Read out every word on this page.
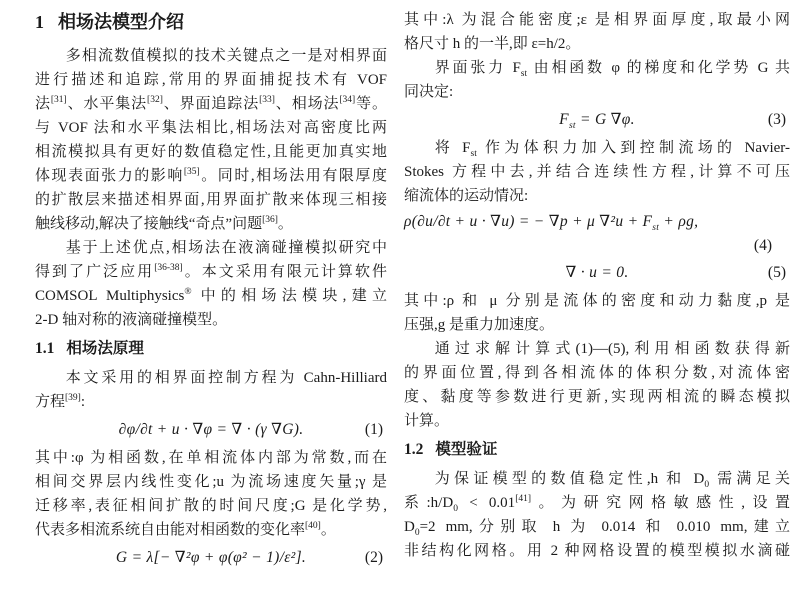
1 相场法模型介绍
多相流数值模拟的技术关键点之一是对相界面
进行描述和追踪,常用的界面捕捉技术有 VOF
法[31]、水平集法[32]、界面追踪法[33]、相场法[34]等。
与 VOF 法和水平集法相比,相场法对高密度比两
相流模拟具有更好的数值稳定性,且能更加真实地
体现表面张力的影响[35]。同时,相场法用有限厚度
的扩散层来描述相界面,用界面扩散来体现三相接
触线移动,解决了接触线“奇点”问题[36]。
基于上述优点,相场法在液滴碰撞模拟研究中
得到了广泛应用[36-38]。本文采用有限元计算软件
COMSOL Multiphysics® 中的相场法模块,建立
2-D 轴对称的液滴碰撞模型。
1.1 相场法原理
本文采用的相界面控制方程为 Cahn-Hilliard
方程[39]:
∂φ/∂t + u · ∇φ = ∇ · (γ ∇G).	(1)
其中:φ 为相函数,在单相流体内部为常数,而在
相间交界层内线性变化;u 为流场速度矢量;γ 是
迁移率,表征相间扩散的时间尺度;G 是化学势,
代表多相流系统自由能对相函数的变化率[40]。
G = λ[− ∇²φ + φ(φ² − 1)/ε²].	(2)
其中:λ 为混合能密度;ε 是相界面厚度,取最小网
格尺寸 h 的一半,即 ε=h/2。
界面张力 $F_{st}$ 由相函数 φ 的梯度和化学势 G 共
同决定:
$F_{st} = G$ ∇φ.	(3)
将 $F_{st}$ 作为体积力加入到控制流场的 Navier-
Stokes 方程中去,并结合连续性方程,计算不可压
缩流体的运动情况:
ρ(∂u/∂t + u · ∇u) = − ∇p + μ $\nabla^2u + F_{st} + \rho g$,
(4)
∇ · u = 0.	(5)
其中:ρ 和 μ 分别是流体的密度和动力黏度,p 是
压强,g 是重力加速度。
通过求解计算式(1)—(5),利用相函数获得新
的界面位置,得到各相流体的体积分数,对流体密
度、黏度等参数进行更新,实现两相流的瞬态模拟
计算。
1.2 模型验证
为保证模型的数值稳定性,h 和 $D_0$ 需满足关
系$:h/D_0 < 0.01[41]$。为研究网格敏感性,设置
$D_0=2$ mm,分别取 h 为 0.014 和 0.010 mm,建立
非结构化网格。用 2 种网格设置的模型模拟水滴碰
